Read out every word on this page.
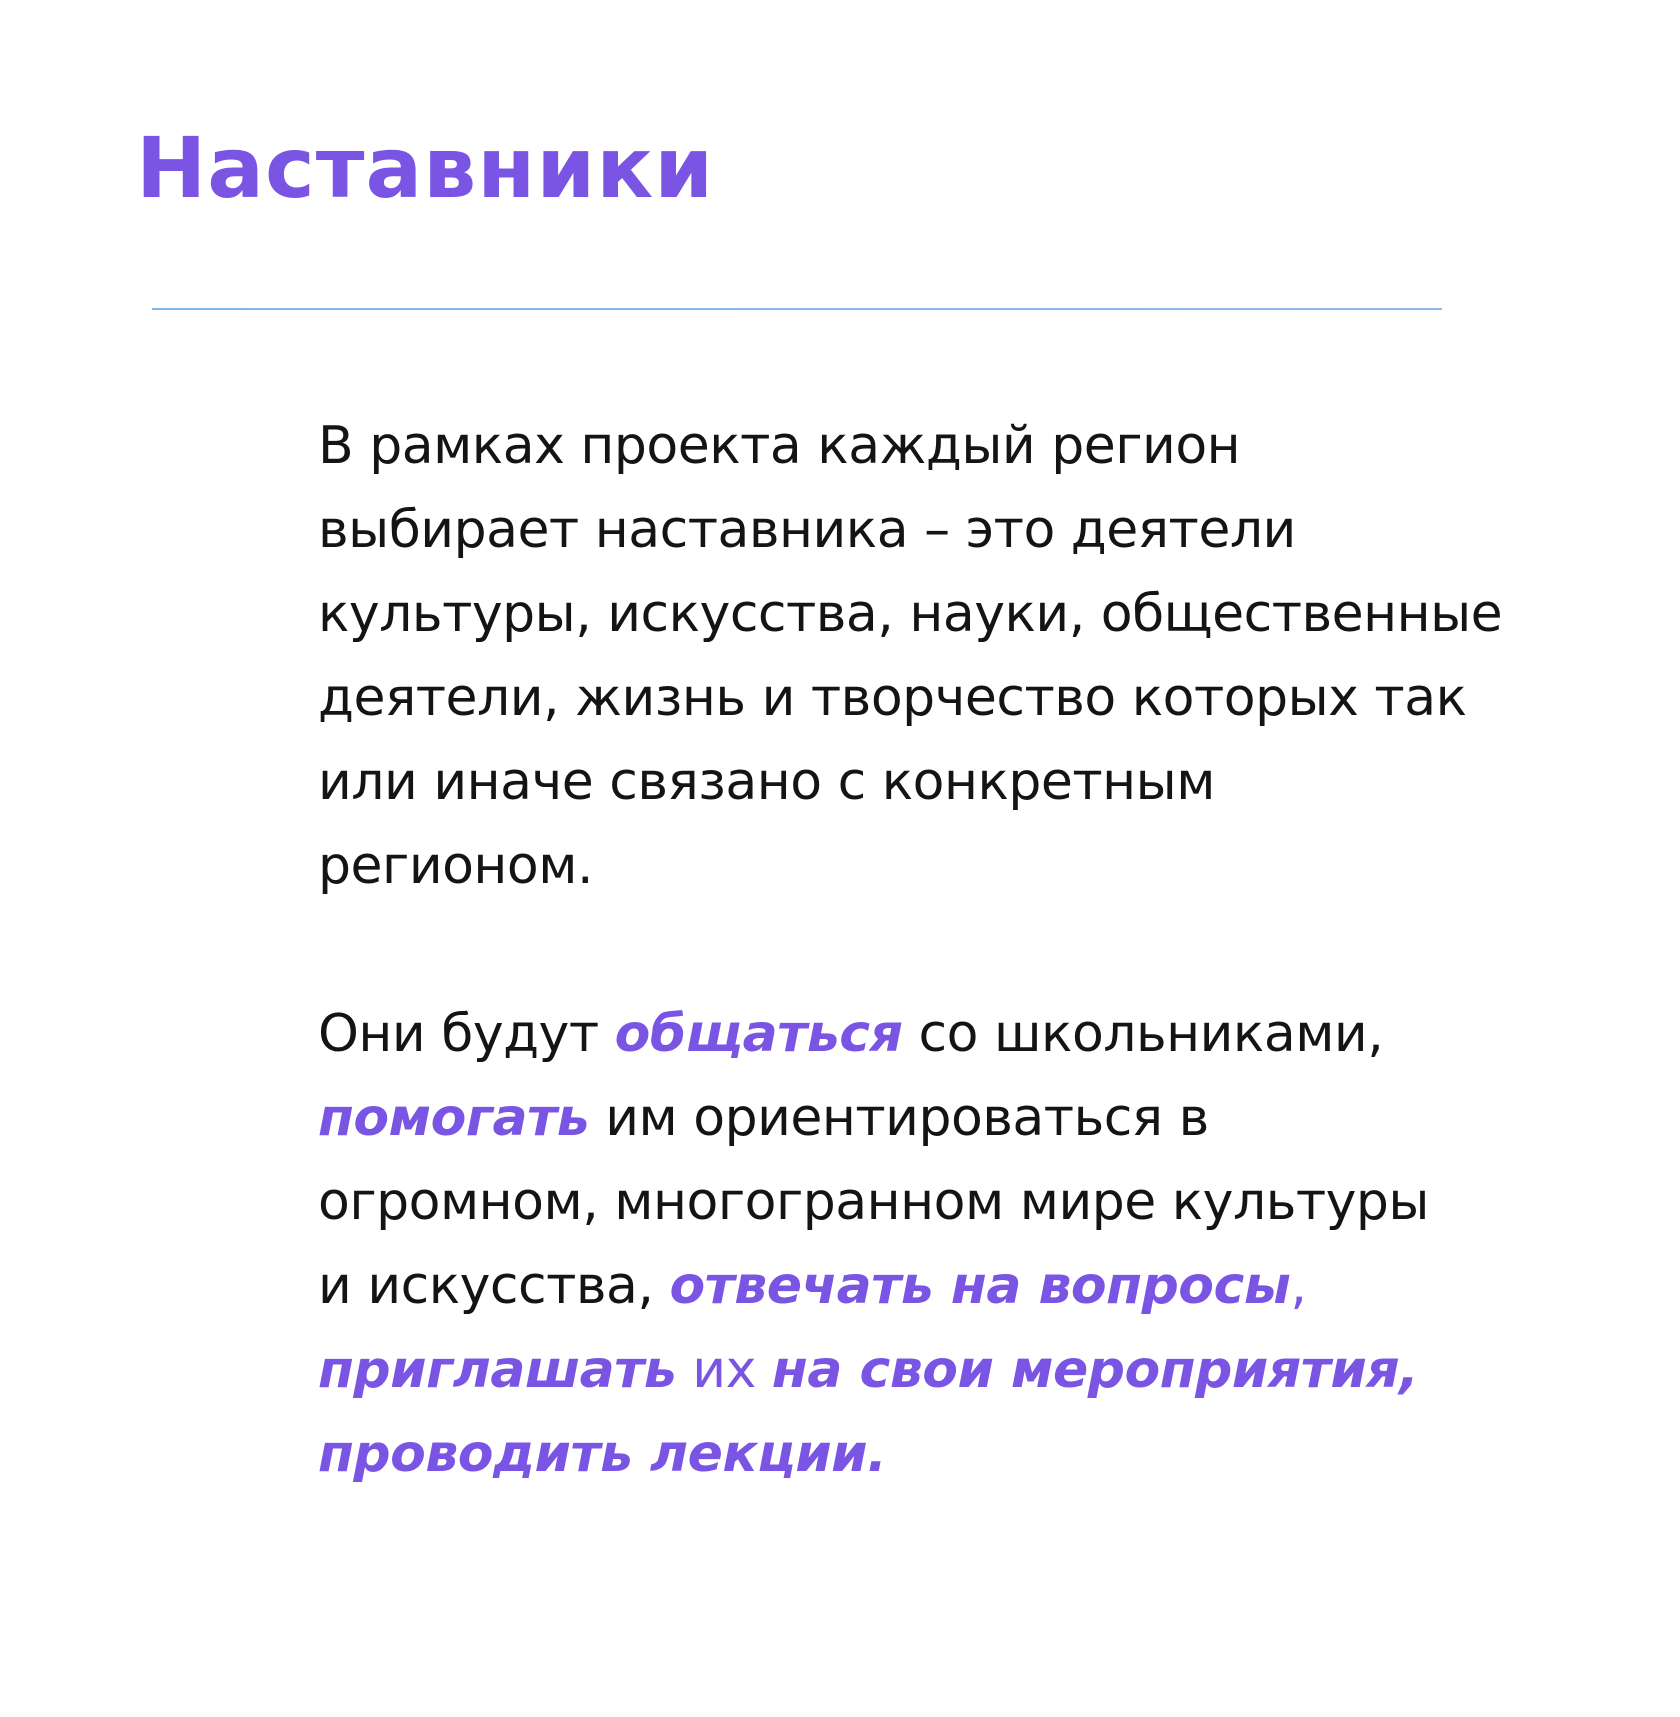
Наставники

В рамках проекта каждый регион
выбирает наставника – это деятели
культуры, искусства, науки, общественные
деятели, жизнь и творчество которых так
или иначе связано с конкретным
регионом.

Они будут общаться со школьниками,
помогать им ориентироваться в
огромном, многогранном мире культуры
и искусства, отвечать на вопросы,
приглашать их на свои мероприятия,
проводить лекции.
